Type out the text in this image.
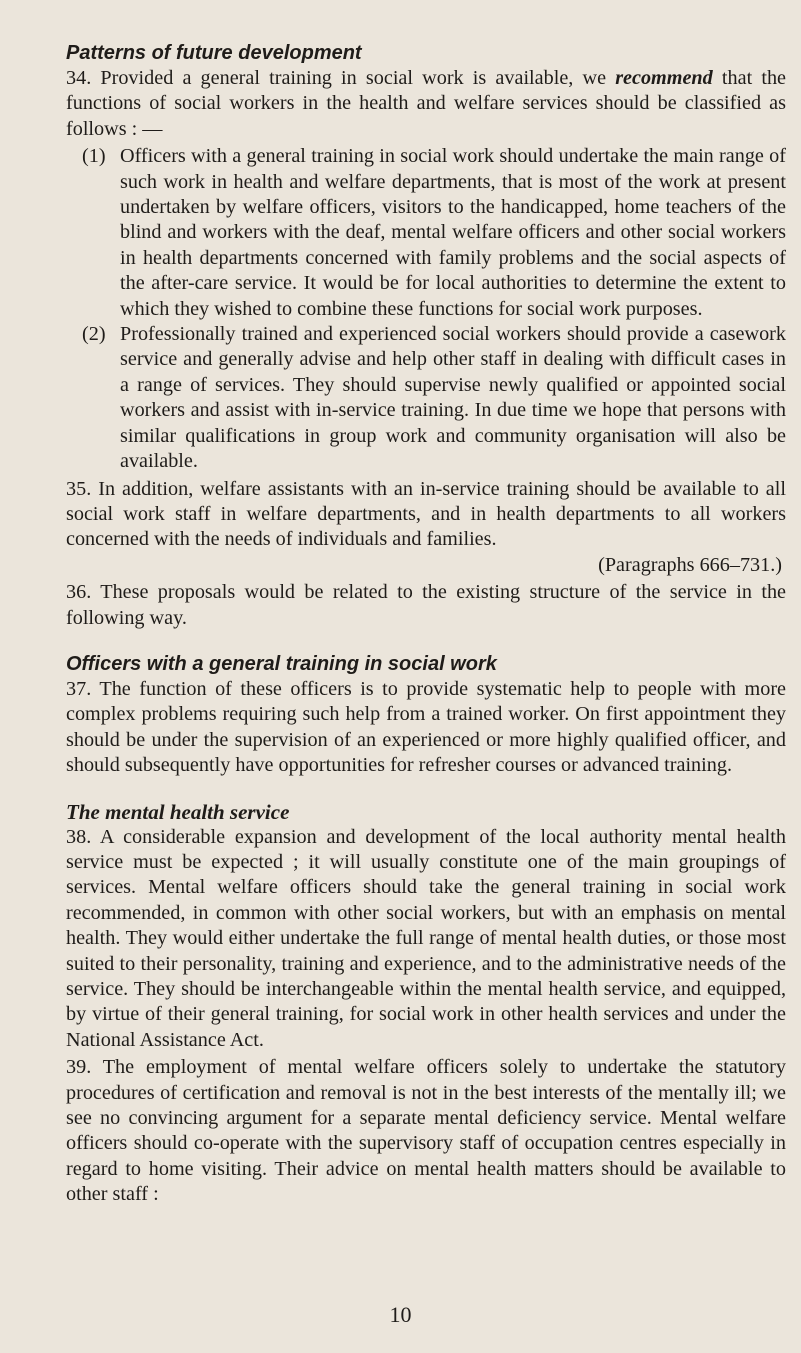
Patterns of future development

34. Provided a general training in social work is available, we recommend that the functions of social workers in the health and welfare services should be classified as follows : —

(1) Officers with a general training in social work should undertake the main range of such work in health and welfare departments, that is most of the work at present undertaken by welfare officers, visitors to the handicapped, home teachers of the blind and workers with the deaf, mental welfare officers and other social workers in health departments concerned with family problems and the social aspects of the after-care service. It would be for local authorities to determine the extent to which they wished to combine these functions for social work purposes.
(2) Professionally trained and experienced social workers should provide a casework service and generally advise and help other staff in dealing with difficult cases in a range of services. They should supervise newly qualified or appointed social workers and assist with in-service training. In due time we hope that persons with similar qualifications in group work and community organisation will also be available.

35. In addition, welfare assistants with an in-service training should be available to all social work staff in welfare departments, and in health departments to all workers concerned with the needs of individuals and families.

(Paragraphs 666–731.)

36. These proposals would be related to the existing structure of the service in the following way.

Officers with a general training in social work

37. The function of these officers is to provide systematic help to people with more complex problems requiring such help from a trained worker. On first appointment they should be under the supervision of an experienced or more highly qualified officer, and should subsequently have opportunities for refresher courses or advanced training.

The mental health service

38. A considerable expansion and development of the local authority mental health service must be expected ; it will usually constitute one of the main groupings of services. Mental welfare officers should take the general training in social work recommended, in common with other social workers, but with an emphasis on mental health. They would either undertake the full range of mental health duties, or those most suited to their personality, training and experience, and to the administrative needs of the service. They should be interchangeable within the mental health service, and equipped, by virtue of their general training, for social work in other health services and under the National Assistance Act.

39. The employment of mental welfare officers solely to undertake the statutory procedures of certification and removal is not in the best interests of the mentally ill; we see no convincing argument for a separate mental deficiency service. Mental welfare officers should co-operate with the supervisory staff of occupation centres especially in regard to home visiting. Their advice on mental health matters should be available to other staff :

10
